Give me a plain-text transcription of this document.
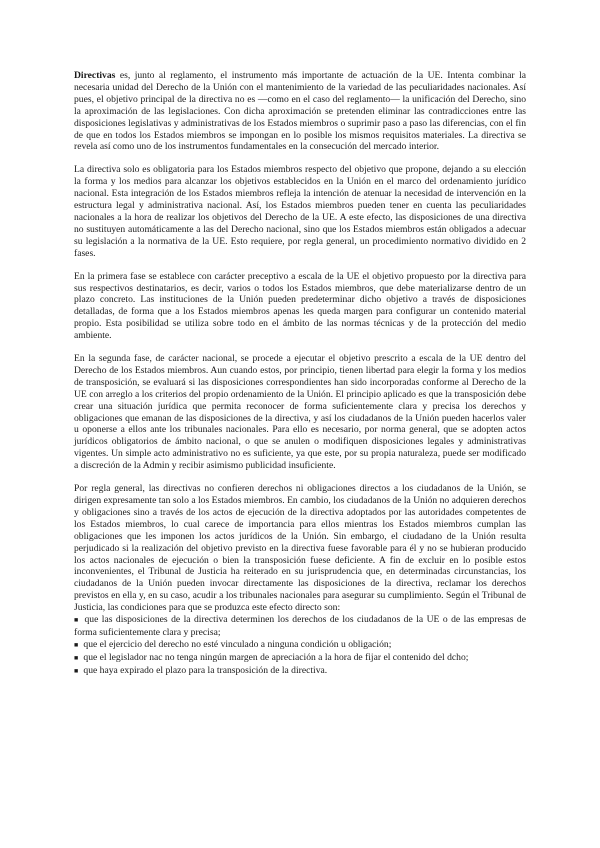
Directivas es, junto al reglamento, el instrumento más importante de actuación de la UE. Intenta combinar la necesaria unidad del Derecho de la Unión con el mantenimiento de la variedad de las peculiaridades nacionales. Así pues, el objetivo principal de la directiva no es —como en el caso del reglamento— la unificación del Derecho, sino la aproximación de las legislaciones. Con dicha aproximación se pretenden eliminar las contradicciones entre las disposiciones legislativas y administrativas de los Estados miembros o suprimir paso a paso las diferencias, con el fin de que en todos los Estados miembros se impongan en lo posible los mismos requisitos materiales. La directiva se revela así como uno de los instrumentos fundamentales en la consecución del mercado interior.

La directiva solo es obligatoria para los Estados miembros respecto del objetivo que propone, dejando a su elección la forma y los medios para alcanzar los objetivos establecidos en la Unión en el marco del ordenamiento jurídico nacional. Esta integración de los Estados miembros refleja la intención de atenuar la necesidad de intervención en la estructura legal y administrativa nacional. Así, los Estados miembros pueden tener en cuenta las peculiaridades nacionales a la hora de realizar los objetivos del Derecho de la UE. A este efecto, las disposiciones de una directiva no sustituyen automáticamente a las del Derecho nacional, sino que los Estados miembros están obligados a adecuar su legislación a la normativa de la UE. Esto requiere, por regla general, un procedimiento normativo dividido en 2 fases.

En la primera fase se establece con carácter preceptivo a escala de la UE el objetivo propuesto por la directiva para sus respectivos destinatarios, es decir, varios o todos los Estados miembros, que debe materializarse dentro de un plazo concreto. Las instituciones de la Unión pueden predeterminar dicho objetivo a través de disposiciones detalladas, de forma que a los Estados miembros apenas les queda margen para configurar un contenido material propio. Esta posibilidad se utiliza sobre todo en el ámbito de las normas técnicas y de la protección del medio ambiente.

En la segunda fase, de carácter nacional, se procede a ejecutar el objetivo prescrito a escala de la UE dentro del Derecho de los Estados miembros. Aun cuando estos, por principio, tienen libertad para elegir la forma y los medios de transposición, se evaluará si las disposiciones correspondientes han sido incorporadas conforme al Derecho de la UE con arreglo a los criterios del propio ordenamiento de la Unión. El principio aplicado es que la transposición debe crear una situación jurídica que permita reconocer de forma suficientemente clara y precisa los derechos y obligaciones que emanan de las disposiciones de la directiva, y así los ciudadanos de la Unión pueden hacerlos valer u oponerse a ellos ante los tribunales nacionales. Para ello es necesario, por norma general, que se adopten actos jurídicos obligatorios de ámbito nacional, o que se anulen o modifiquen disposiciones legales y administrativas vigentes. Un simple acto administrativo no es suficiente, ya que este, por su propia naturaleza, puede ser modificado a discreción de la Admin y recibir asimismo publicidad insuficiente.

Por regla general, las directivas no confieren derechos ni obligaciones directos a los ciudadanos de la Unión, se dirigen expresamente tan solo a los Estados miembros. En cambio, los ciudadanos de la Unión no adquieren derechos y obligaciones sino a través de los actos de ejecución de la directiva adoptados por las autoridades competentes de los Estados miembros, lo cual carece de importancia para ellos mientras los Estados miembros cumplan las obligaciones que les imponen los actos jurídicos de la Unión. Sin embargo, el ciudadano de la Unión resulta perjudicado si la realización del objetivo previsto en la directiva fuese favorable para él y no se hubieran producido los actos nacionales de ejecución o bien la transposición fuese deficiente. A fin de excluir en lo posible estos inconvenientes, el Tribunal de Justicia ha reiterado en su jurisprudencia que, en determinadas circunstancias, los ciudadanos de la Unión pueden invocar directamente las disposiciones de la directiva, reclamar los derechos previstos en ella y, en su caso, acudir a los tribunales nacionales para asegurar su cumplimiento. Según el Tribunal de Justicia, las condiciones para que se produzca este efecto directo son:

■ que las disposiciones de la directiva determinen los derechos de los ciudadanos de la UE o de las empresas de forma suficientemente clara y precisa;
■ que el ejercicio del derecho no esté vinculado a ninguna condición u obligación;
■ que el legislador nac no tenga ningún margen de apreciación a la hora de fijar el contenido del dcho;
■ que haya expirado el plazo para la transposición de la directiva.
